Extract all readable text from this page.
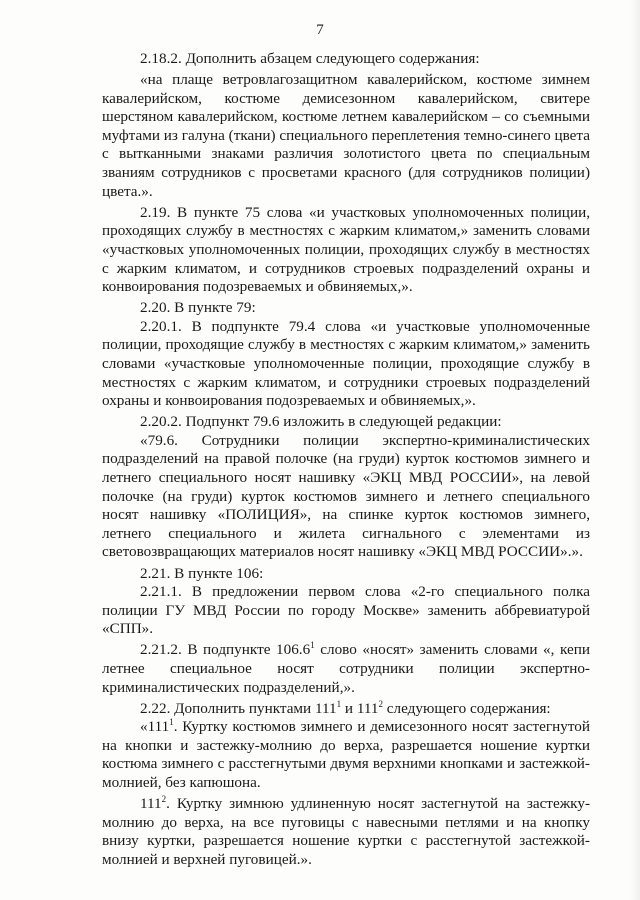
7

2.18.2. Дополнить абзацем следующего содержания:

«на плаще ветровлагозащитном кавалерийском, костюме зимнем кавалерийском, костюме демисезонном кавалерийском, свитере шерстяном кавалерийском, костюме летнем кавалерийском – со съемными муфтами из галуна (ткани) специального переплетения темно-синего цвета с вытканными знаками различия золотистого цвета по специальным званиям сотрудников с просветами красного (для сотрудников полиции) цвета.».

2.19. В пункте 75 слова «и участковых уполномоченных полиции, проходящих службу в местностях с жарким климатом,» заменить словами «участковых уполномоченных полиции, проходящих службу в местностях с жарким климатом, и сотрудников строевых подразделений охраны и конвоирования подозреваемых и обвиняемых,».

2.20. В пункте 79:

2.20.1. В подпункте 79.4 слова «и участковые уполномоченные полиции, проходящие службу в местностях с жарким климатом,» заменить словами «участковые уполномоченные полиции, проходящие службу в местностях с жарким климатом, и сотрудники строевых подразделений охраны и конвоирования подозреваемых и обвиняемых,».

2.20.2. Подпункт 79.6 изложить в следующей редакции:

«79.6. Сотрудники полиции экспертно-криминалистических подразделений на правой полочке (на груди) курток костюмов зимнего и летнего специального носят нашивку «ЭКЦ МВД РОССИИ», на левой полочке (на груди) курток костюмов зимнего и летнего специального носят нашивку «ПОЛИЦИЯ», на спинке курток костюмов зимнего, летнего специального и жилета сигнального с элементами из световозвращающих материалов носят нашивку «ЭКЦ МВД РОССИИ».».

2.21. В пункте 106:

2.21.1. В предложении первом слова «2-го специального полка полиции ГУ МВД России по городу Москве» заменить аббревиатурой «СПП».

2.21.2. В подпункте 106.6$^1$ слово «носят» заменить словами «, кепи летнее специальное носят сотрудники полиции экспертно-криминалистических подразделений,».

2.22. Дополнить пунктами $111^1$ и $111^2$ следующего содержания:

«$111^1$. Куртку костюмов зимнего и демисезонного носят застегнутой на кнопки и застежку-молнию до верха, разрешается ношение куртки костюма зимнего с расстегнутыми двумя верхними кнопками и застежкой-молнией, без капюшона.

$111^2$. Куртку зимнюю удлиненную носят застегнутой на застежку-молнию до верха, на все пуговицы с навесными петлями и на кнопку внизу куртки, разрешается ношение куртки с расстегнутой застежкой-молнией и верхней пуговицей.».
